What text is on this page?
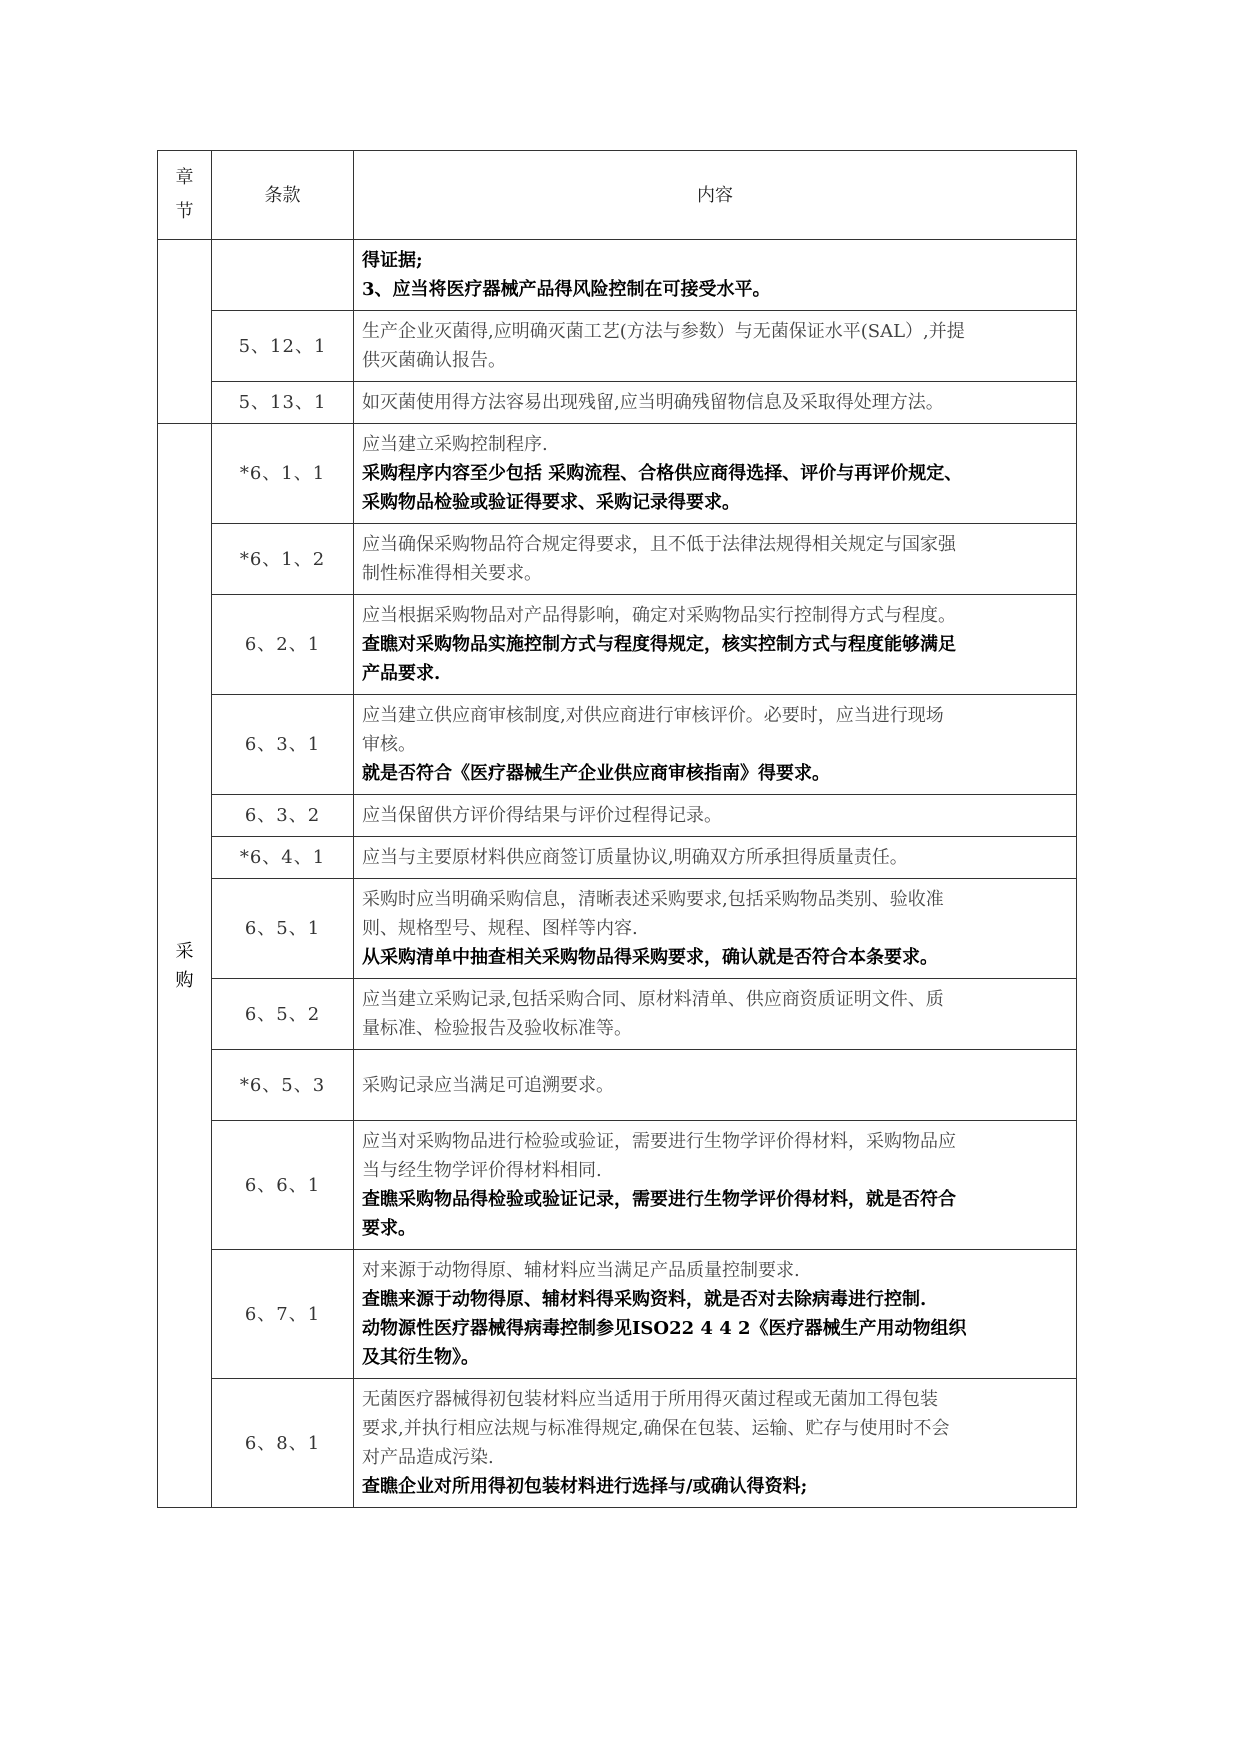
章
节	条款	内容

		得证据;
3、应当将医疗器械产品得风险控制在可接受水平。

	5、12、1	生产企业灭菌得,应明确灭菌工艺(方法与参数）与无菌保证水平(SAL）,并提
供灭菌确认报告。

	5、13、1	如灭菌使用得方法容易出现残留,应当明确残留物信息及采取得处理方法。

采
购	*6、1、1	应当建立采购控制程序.
采购程序内容至少包括 采购流程、合格供应商得选择、评价与再评价规定、
采购物品检验或验证得要求、采购记录得要求。

	*6、1、2	应当确保采购物品符合规定得要求，且不低于法律法规得相关规定与国家强
制性标准得相关要求。

	6、2、1	应当根据采购物品对产品得影响，确定对采购物品实行控制得方式与程度。
查瞧对采购物品实施控制方式与程度得规定，核实控制方式与程度能够满足
产品要求.

	6、3、1	应当建立供应商审核制度,对供应商进行审核评价。必要时，应当进行现场
审核。
就是否符合《医疗器械生产企业供应商审核指南》得要求。

	6、3、2	应当保留供方评价得结果与评价过程得记录。

	*6、4、1	应当与主要原材料供应商签订质量协议,明确双方所承担得质量责任。

	6、5、1	采购时应当明确采购信息，清晰表述采购要求,包括采购物品类别、验收准
则、规格型号、规程、图样等内容.
从采购清单中抽查相关采购物品得采购要求，确认就是否符合本条要求。

	6、5、2	应当建立采购记录,包括采购合同、原材料清单、供应商资质证明文件、质
量标准、检验报告及验收标准等。

	*6、5、3	采购记录应当满足可追溯要求。

	6、6、1	应当对采购物品进行检验或验证，需要进行生物学评价得材料，采购物品应
当与经生物学评价得材料相同.
查瞧采购物品得检验或验证记录，需要进行生物学评价得材料，就是否符合
要求。

	6、7、1	对来源于动物得原、辅材料应当满足产品质量控制要求.
查瞧来源于动物得原、辅材料得采购资料，就是否对去除病毒进行控制.
动物源性医疗器械得病毒控制参见ISO22 4 4 2《医疗器械生产用动物组织
及其衍生物》。

	6、8、1	无菌医疗器械得初包装材料应当适用于所用得灭菌过程或无菌加工得包装
要求,并执行相应法规与标准得规定,确保在包装、运输、贮存与使用时不会
对产品造成污染.
查瞧企业对所用得初包装材料进行选择与/或确认得资料;
